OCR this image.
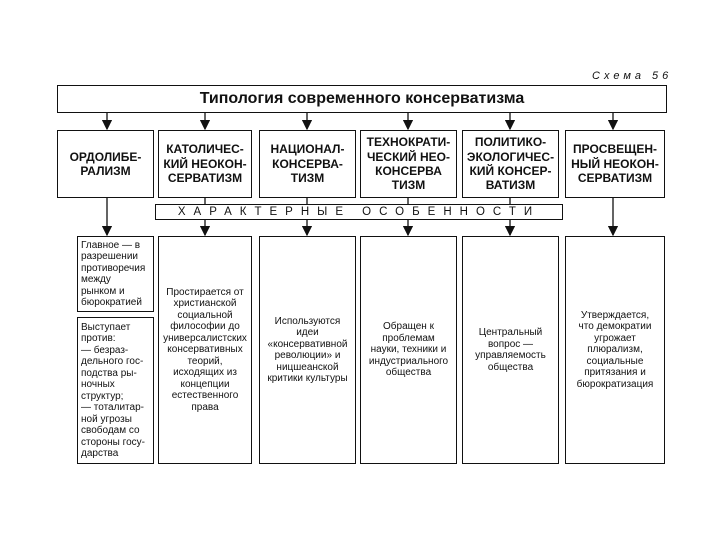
Схема 56
Типология современного консерватизма
ОРДОЛИБЕ-
РАЛИЗМ
КАТОЛИЧЕС-
КИЙ НЕОКОН-
СЕРВАТИЗМ
НАЦИОНАЛ-
КОНСЕРВА-
ТИЗМ
ТЕХНОКРАТИ-
ЧЕСКИЙ НЕО-
КОНСЕРВА
ТИЗМ
ПОЛИТИКО-
ЭКОЛОГИЧЕС-
КИЙ КОНСЕР-
ВАТИЗМ
ПРОСВЕЩЕН-
НЫЙ НЕОКОН-
СЕРВАТИЗМ
ХАРАКТЕРНЫЕ ОСОБЕННОСТИ
Главное — в
разрешении
противоречия
между
рынком и
бюрократией
Выступает
против:
— безраз-
дельного гос-
подства ры-
ночных
структур;
— тоталитар-
ной угрозы
свободам со
стороны госу-
дарства
Простирается от
христианской
социальной
философии до
универсалистских
консервативных
теорий,
исходящих из
концепции
естественного
права
Используются
идеи
«консервативной
революции» и
ницшеанской
критики культуры
Обращен к
проблемам
науки, техники и
индустриального
общества
Центральный
вопрос —
управляемость
общества
Утверждается,
что демократии
угрожает
плюрализм,
социальные
притязания и
бюрократизация
